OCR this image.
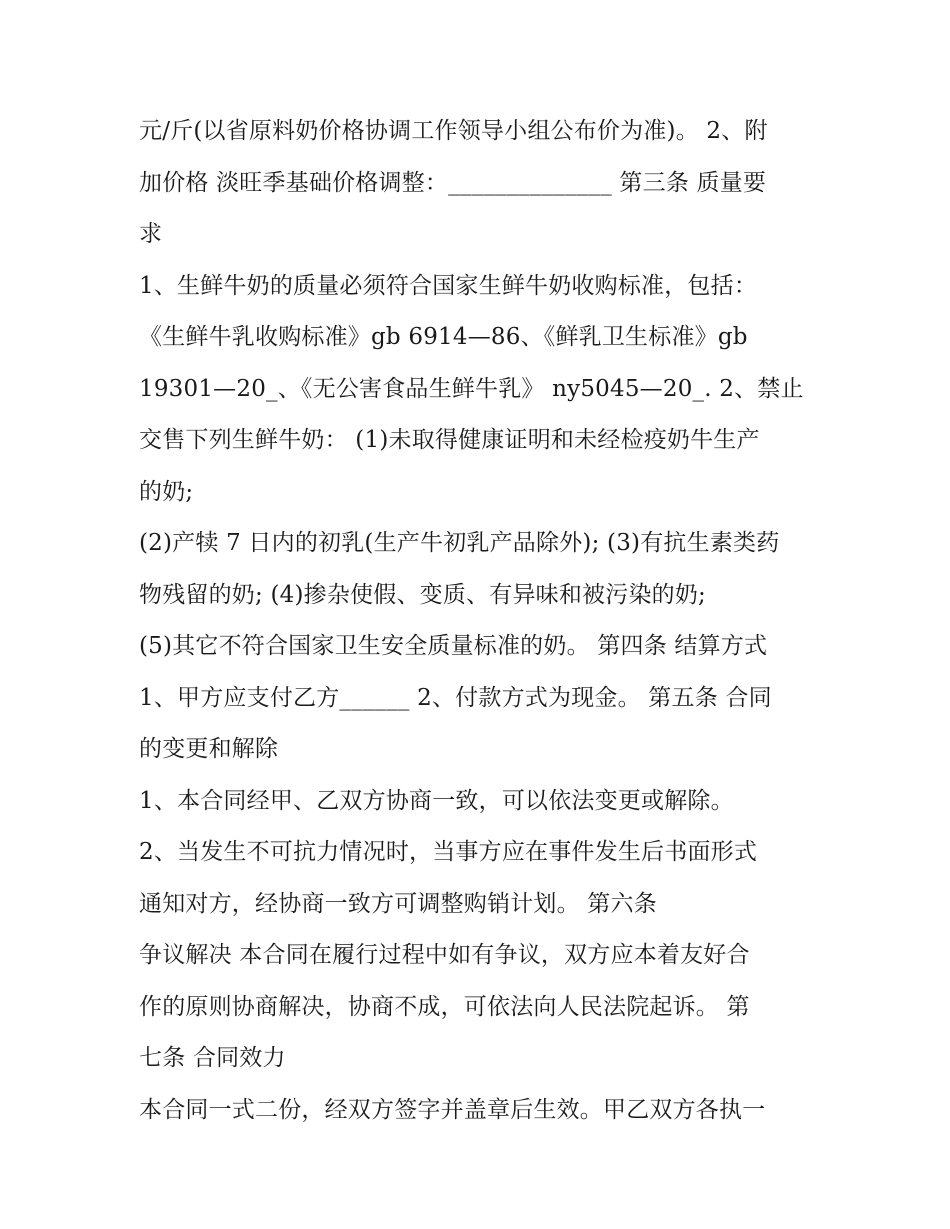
元/斤(以省原料奶价格协调工作领导小组公布价为准)。 2、附
加价格 淡旺季基础价格调整：______________ 第三条 质量要
求
1、生鲜牛奶的质量必须符合国家生鲜牛奶收购标准，包括：
《生鲜牛乳收购标准》gb 6914—86、《鲜乳卫生标准》gb
19301—20_、《无公害食品生鲜牛乳》 ny5045—20_. 2、禁止
交售下列生鲜牛奶： (1)未取得健康证明和未经检疫奶牛生产
的奶;
(2)产犊 7 日内的初乳(生产牛初乳产品除外); (3)有抗生素类药
物残留的奶; (4)掺杂使假、变质、有异味和被污染的奶;
(5)其它不符合国家卫生安全质量标准的奶。 第四条 结算方式
1、甲方应支付乙方______ 2、付款方式为现金。 第五条 合同
的变更和解除
1、本合同经甲、乙双方协商一致，可以依法变更或解除。
2、当发生不可抗力情况时，当事方应在事件发生后书面形式
通知对方，经协商一致方可调整购销计划。 第六条
争议解决 本合同在履行过程中如有争议，双方应本着友好合
作的原则协商解决，协商不成，可依法向人民法院起诉。 第
七条 合同效力
本合同一式二份，经双方签字并盖章后生效。甲乙双方各执一
